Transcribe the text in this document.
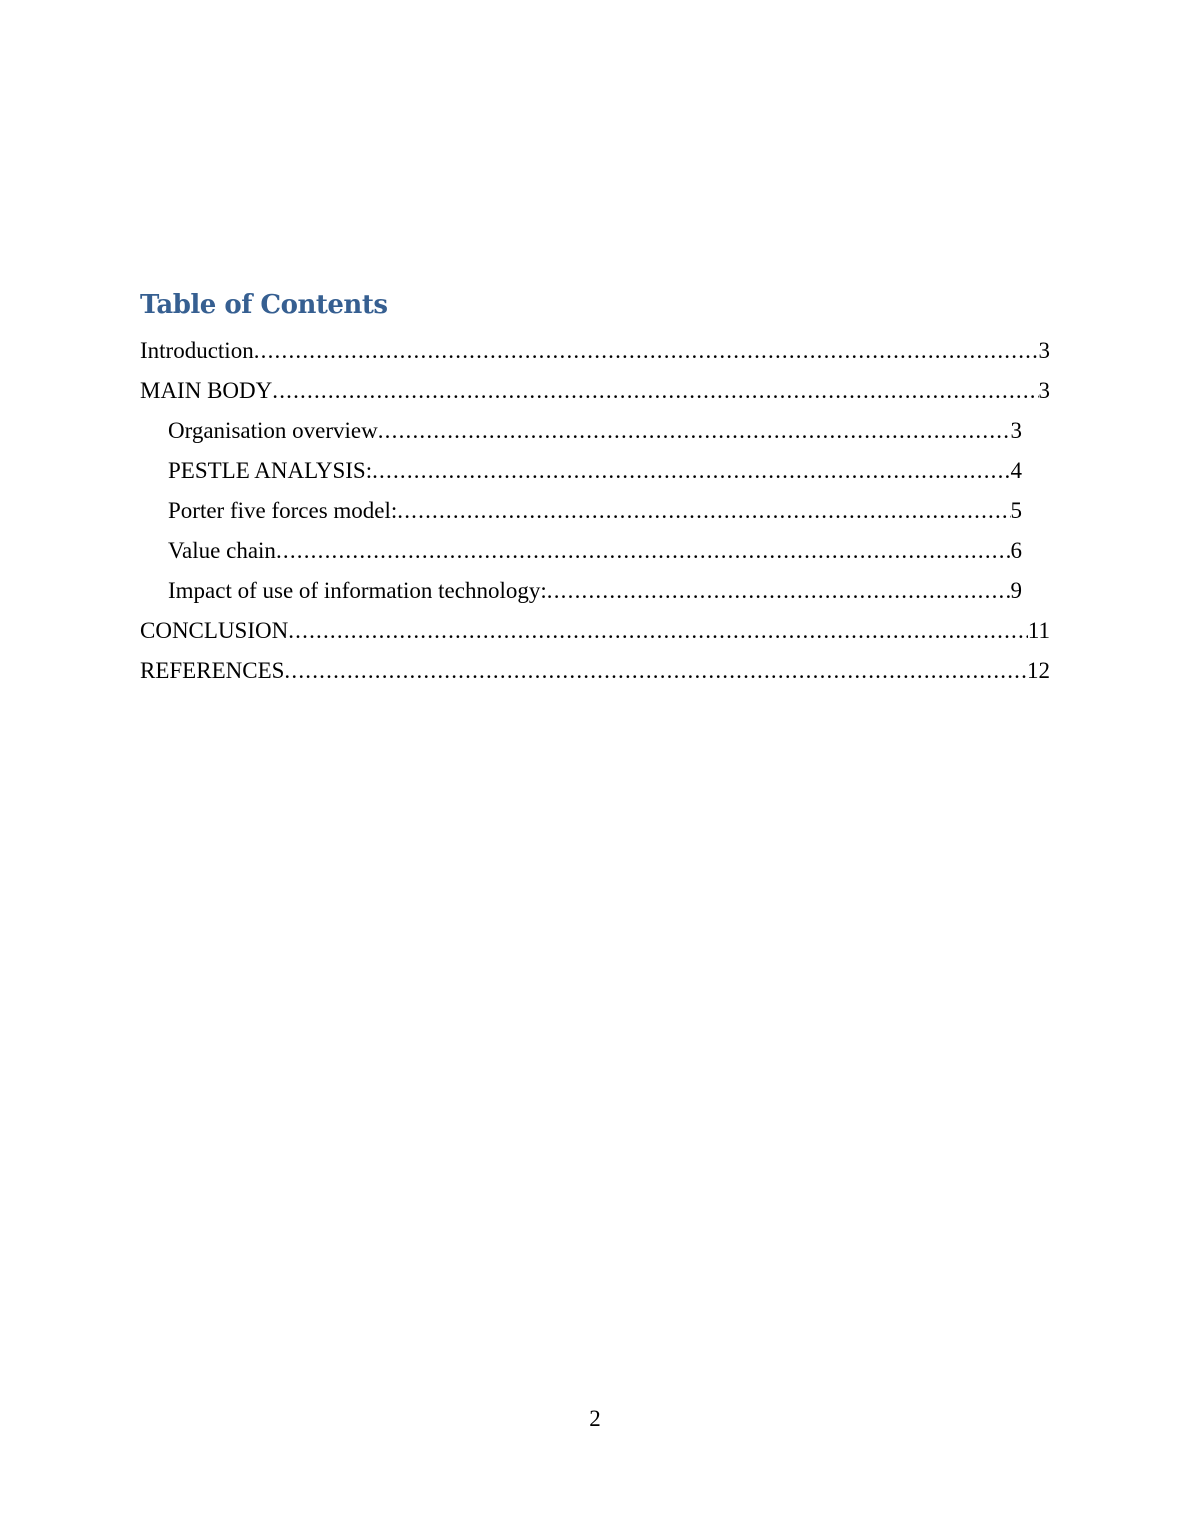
Table of Contents
Introduction .....	3
MAIN BODY .....	3
Organisation overview .....	3
PESTLE ANALYSIS: .....	4
Porter five forces model: .....	5
Value chain .....	6
Impact of use of information technology: .....	9
CONCLUSION .....	11
REFERENCES .....	12
2
